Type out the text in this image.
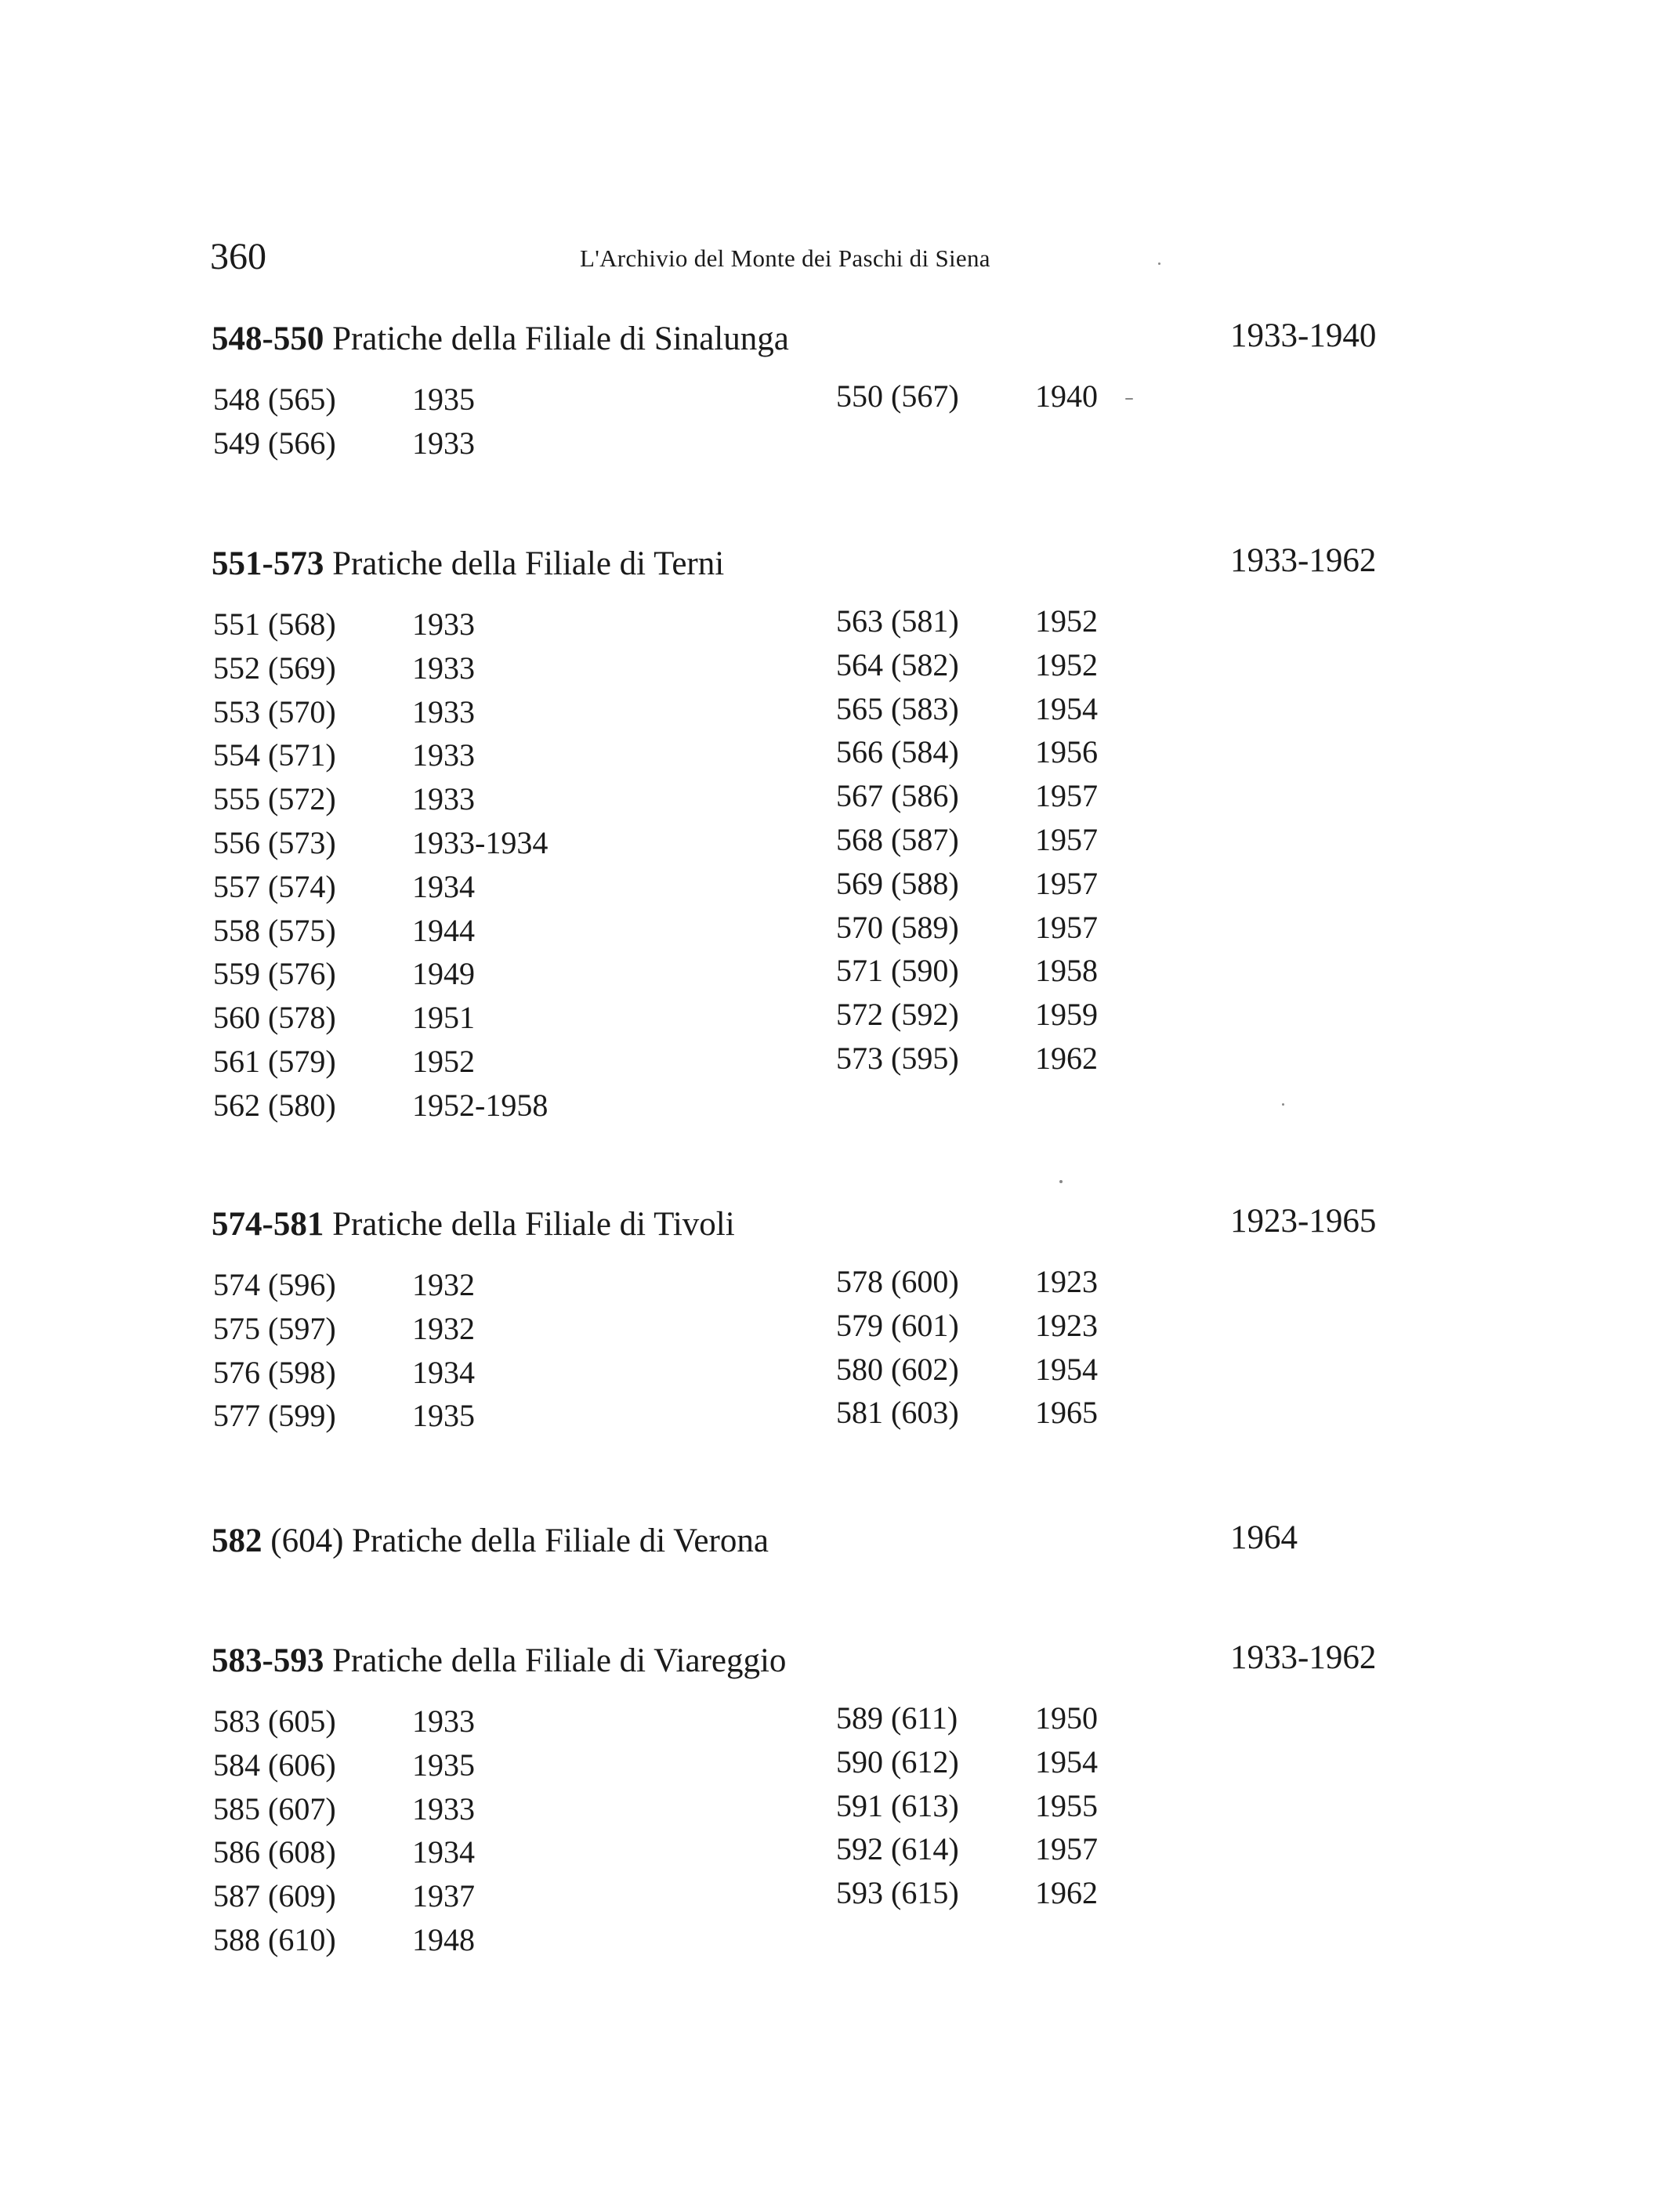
360	L'Archivio del Monte dei Paschi di Siena
548-550 Pratiche della Filiale di Sinalunga	1933-1940
548 (565) 1935
549 (566) 1933
550 (567) 1940
551-573 Pratiche della Filiale di Terni	1933-1962
551 (568) 1933
552 (569) 1933
553 (570) 1933
554 (571) 1933
555 (572) 1933
556 (573) 1933-1934
557 (574) 1934
558 (575) 1944
559 (576) 1949
560 (578) 1951
561 (579) 1952
562 (580) 1952-1958
563 (581) 1952
564 (582) 1952
565 (583) 1954
566 (584) 1956
567 (586) 1957
568 (587) 1957
569 (588) 1957
570 (589) 1957
571 (590) 1958
572 (592) 1959
573 (595) 1962
574-581 Pratiche della Filiale di Tivoli	1923-1965
574 (596) 1932
575 (597) 1932
576 (598) 1934
577 (599) 1935
578 (600) 1923
579 (601) 1923
580 (602) 1954
581 (603) 1965
582 (604) Pratiche della Filiale di Verona	1964
583-593 Pratiche della Filiale di Viareggio	1933-1962
583 (605) 1933
584 (606) 1935
585 (607) 1933
586 (608) 1934
587 (609) 1937
588 (610) 1948
589 (611) 1950
590 (612) 1954
591 (613) 1955
592 (614) 1957
593 (615) 1962
